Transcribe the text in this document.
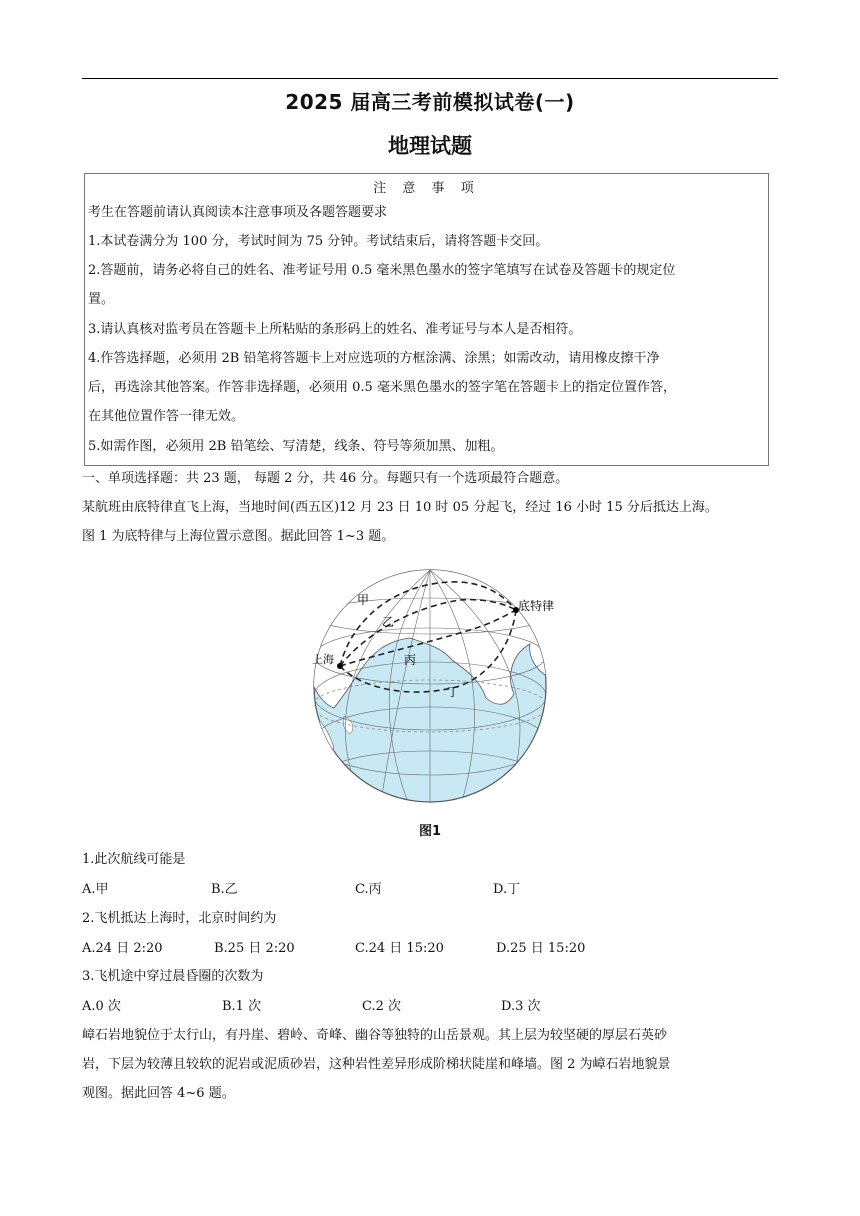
2025 届高三考前模拟试卷(一)
地理试题
注 意 事 项
考生在答题前请认真阅读本注意事项及各题答题要求
1.本试卷满分为 100 分，考试时间为 75 分钟。考试结束后，请将答题卡交回。
2.答题前，请务必将自己的姓名、准考证号用 0.5 毫米黑色墨水的签字笔填写在试卷及答题卡的规定位
置。
3.请认真核对监考员在答题卡上所粘贴的条形码上的姓名、准考证号与本人是否相符。
4.作答选择题，必须用 2B 铅笔将答题卡上对应选项的方框涂满、涂黑；如需改动，请用橡皮擦干净
后，再选涂其他答案。作答非选择题，必须用 0.5 毫米黑色墨水的签字笔在答题卡上的指定位置作答，
在其他位置作答一律无效。
5.如需作图，必须用 2B 铅笔绘、写清楚，线条、符号等须加黑、加粗。
一、单项选择题：共 23 题， 每题 2 分，共 46 分。每题只有一个选项最符合题意。
某航班由底特律直飞上海，当地时间(西五区)12 月 23 日 10 时 05 分起飞，经过 16 小时 15 分后抵达上海。
图 1 为底特律与上海位置示意图。据此回答 1~3 题。
底特律
上海
甲
乙
丙
丁
图1
1.此次航线可能是
A.甲	B.乙	C.丙	D.丁
2.飞机抵达上海时，北京时间约为
A.24 日 2:20	B.25 日 2:20	C.24 日 15:20	D.25 日 15:20
3.飞机途中穿过晨昏圈的次数为
A.0 次	B.1 次	C.2 次	D.3 次
嶂石岩地貌位于太行山，有丹崖、碧岭、奇峰、幽谷等独特的山岳景观。其上层为较坚硬的厚层石英砂
岩，下层为较薄且较软的泥岩或泥质砂岩，这种岩性差异形成阶梯状陡崖和峰墙。图 2 为嶂石岩地貌景
观图。据此回答 4~6 题。
